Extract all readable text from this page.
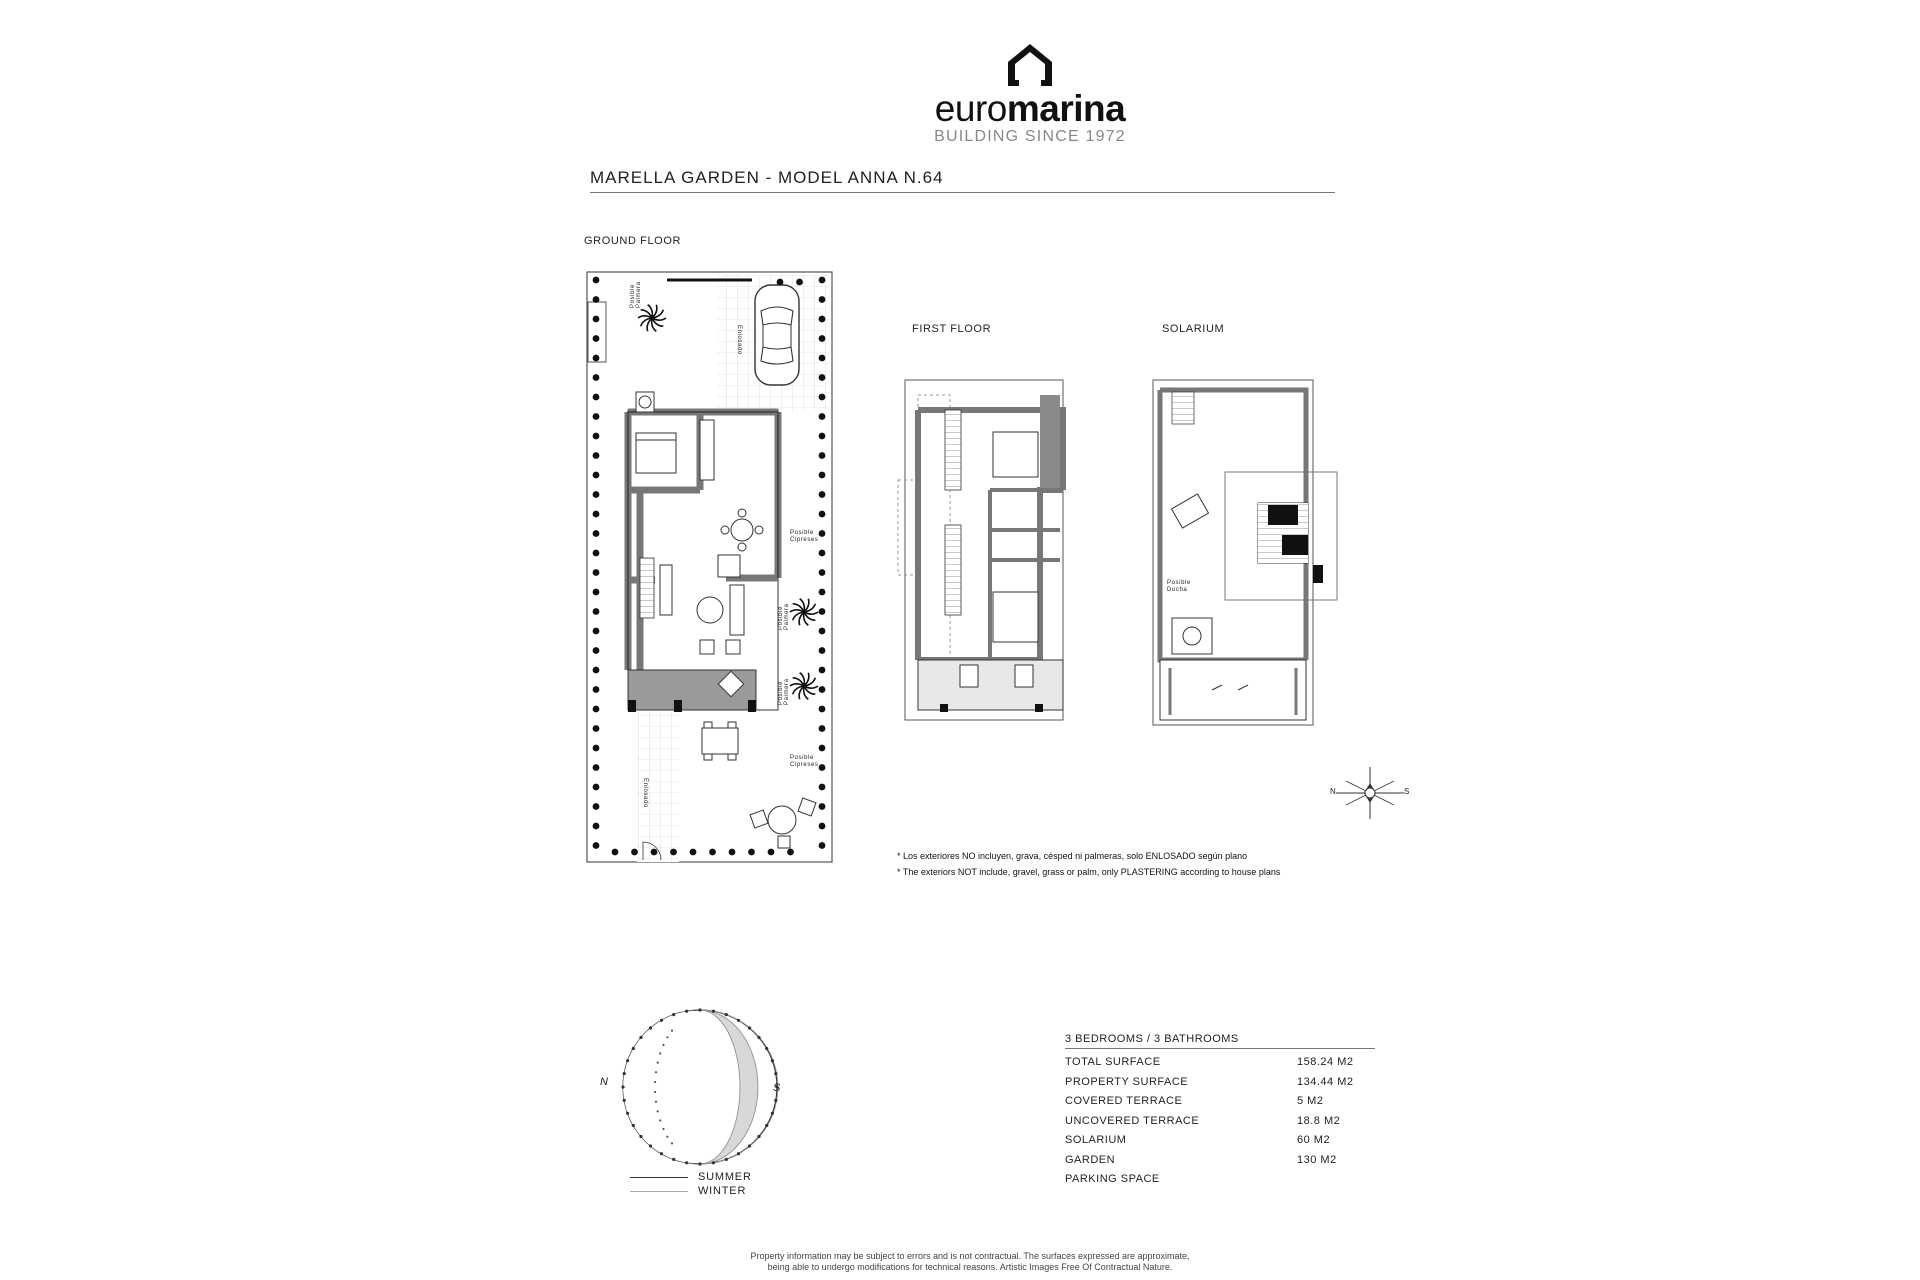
euromarina
BUILDING SINCE 1972
MARELLA GARDEN - MODEL ANNA N.64
GROUND FLOOR
FIRST FLOOR	SOLARIUM
N	S
Posible Palmera
Posible Cipreses
Posible Palmera
Posible Palmera
Posible Cipreses
Enlosado
Enlosado
Posible Ducha
* Los exteriores NO incluyen, grava, césped ni palmeras, solo ENLOSADO según plano
* The exteriors NOT include, gravel, grass or palm, only PLASTERING according to house plans
N	S
SUMMER
WINTER
3 BEDROOMS / 3 BATHROOMS
TOTAL SURFACE	158.24 M2
PROPERTY SURFACE	134.44 M2
COVERED TERRACE	5 M2
UNCOVERED TERRACE	18.8 M2
SOLARIUM	60 M2
GARDEN	130 M2
PARKING SPACE
Property information may be subject to errors and is not contractual. The surfaces expressed are approximate,
being able to undergo modifications for technical reasons. Artistic Images Free Of Contractual Nature.
